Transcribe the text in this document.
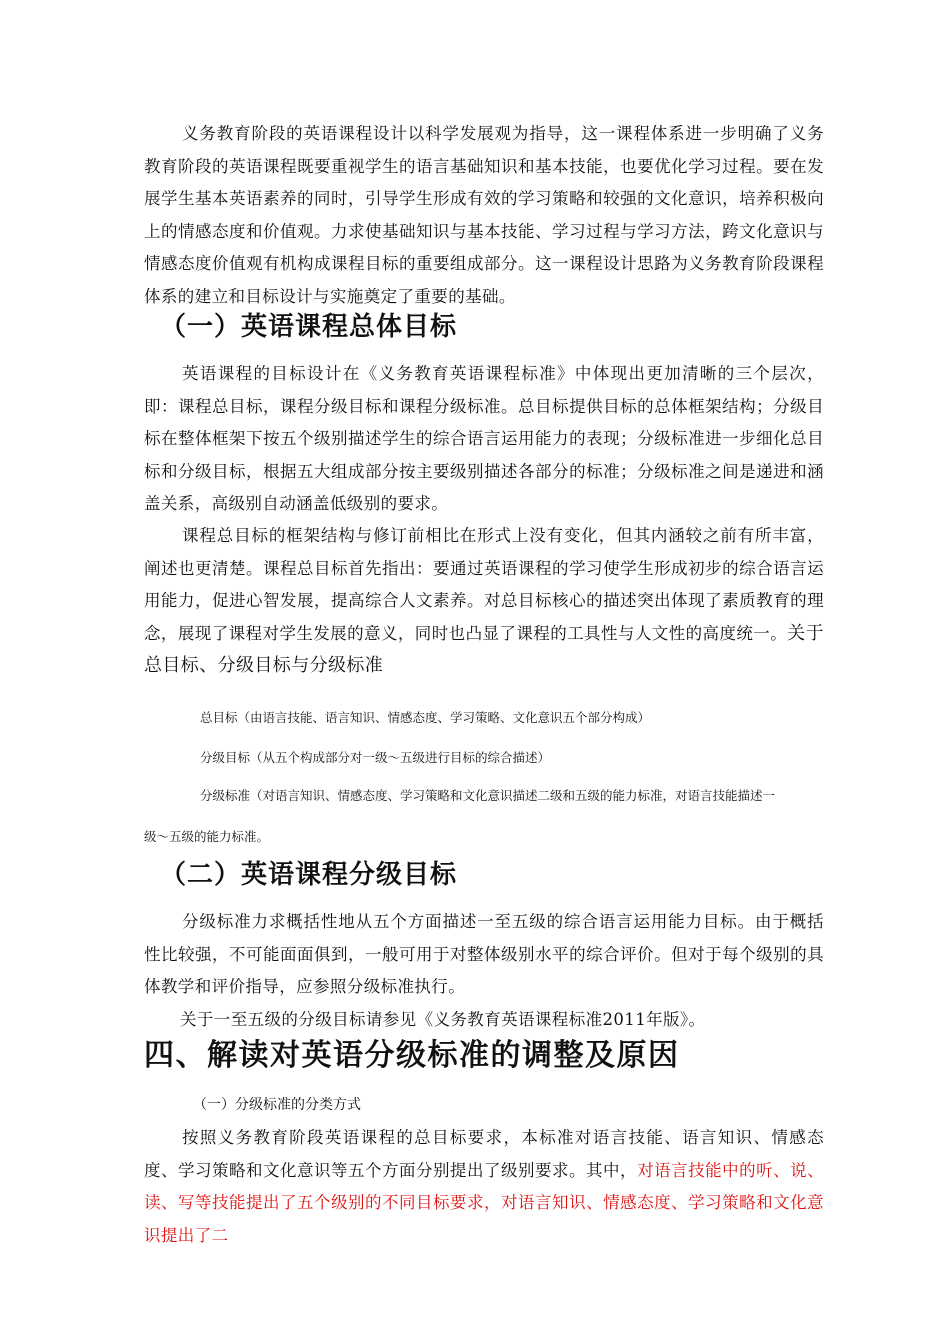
义务教育阶段的英语课程设计以科学发展观为指导，这一课程体系进一步明确了义务教育阶段的英语课程既要重视学生的语言基础知识和基本技能，也要优化学习过程。要在发展学生基本英语素养的同时，引导学生形成有效的学习策略和较强的文化意识，培养积极向上的情感态度和价值观。力求使基础知识与基本技能、学习过程与学习方法，跨文化意识与情感态度价值观有机构成课程目标的重要组成部分。这一课程设计思路为义务教育阶段课程体系的建立和目标设计与实施奠定了重要的基础。

（一）英语课程总体目标

英语课程的目标设计在《义务教育英语课程标准》中体现出更加清晰的三个层次，即：课程总目标，课程分级目标和课程分级标准。总目标提供目标的总体框架结构；分级目标在整体框架下按五个级别描述学生的综合语言运用能力的表现；分级标准进一步细化总目标和分级目标，根据五大组成部分按主要级别描述各部分的标准；分级标准之间是递进和涵盖关系，高级别自动涵盖低级别的要求。

课程总目标的框架结构与修订前相比在形式上没有变化，但其内涵较之前有所丰富，阐述也更清楚。课程总目标首先指出：要通过英语课程的学习使学生形成初步的综合语言运用能力，促进心智发展，提高综合人文素养。对总目标核心的描述突出体现了素质教育的理念，展现了课程对学生发展的意义，同时也凸显了课程的工具性与人文性的高度统一。关于总目标、分级目标与分级标准

总目标（由语言技能、语言知识、情感态度、学习策略、文化意识五个部分构成）

分级目标（从五个构成部分对一级〜五级进行目标的综合描述）

分级标准（对语言知识、情感态度、学习策略和文化意识描述二级和五级的能力标准，对语言技能描述一级〜五级的能力标准。

（二）英语课程分级目标

分级标准力求概括性地从五个方面描述一至五级的综合语言运用能力目标。由于概括性比较强，不可能面面俱到，一般可用于对整体级别水平的综合评价。但对于每个级别的具体教学和评价指导，应参照分级标准执行。

关于一至五级的分级目标请参见《义务教育英语课程标准2011年版》。

四、解读对英语分级标准的调整及原因

（一）分级标准的分类方式

按照义务教育阶段英语课程的总目标要求，本标准对语言技能、语言知识、情感态度、学习策略和文化意识等五个方面分别提出了级别要求。其中，对语言技能中的听、说、读、写等技能提出了五个级别的不同目标要求，对语言知识、情感态度、学习策略和文化意识提出了二
